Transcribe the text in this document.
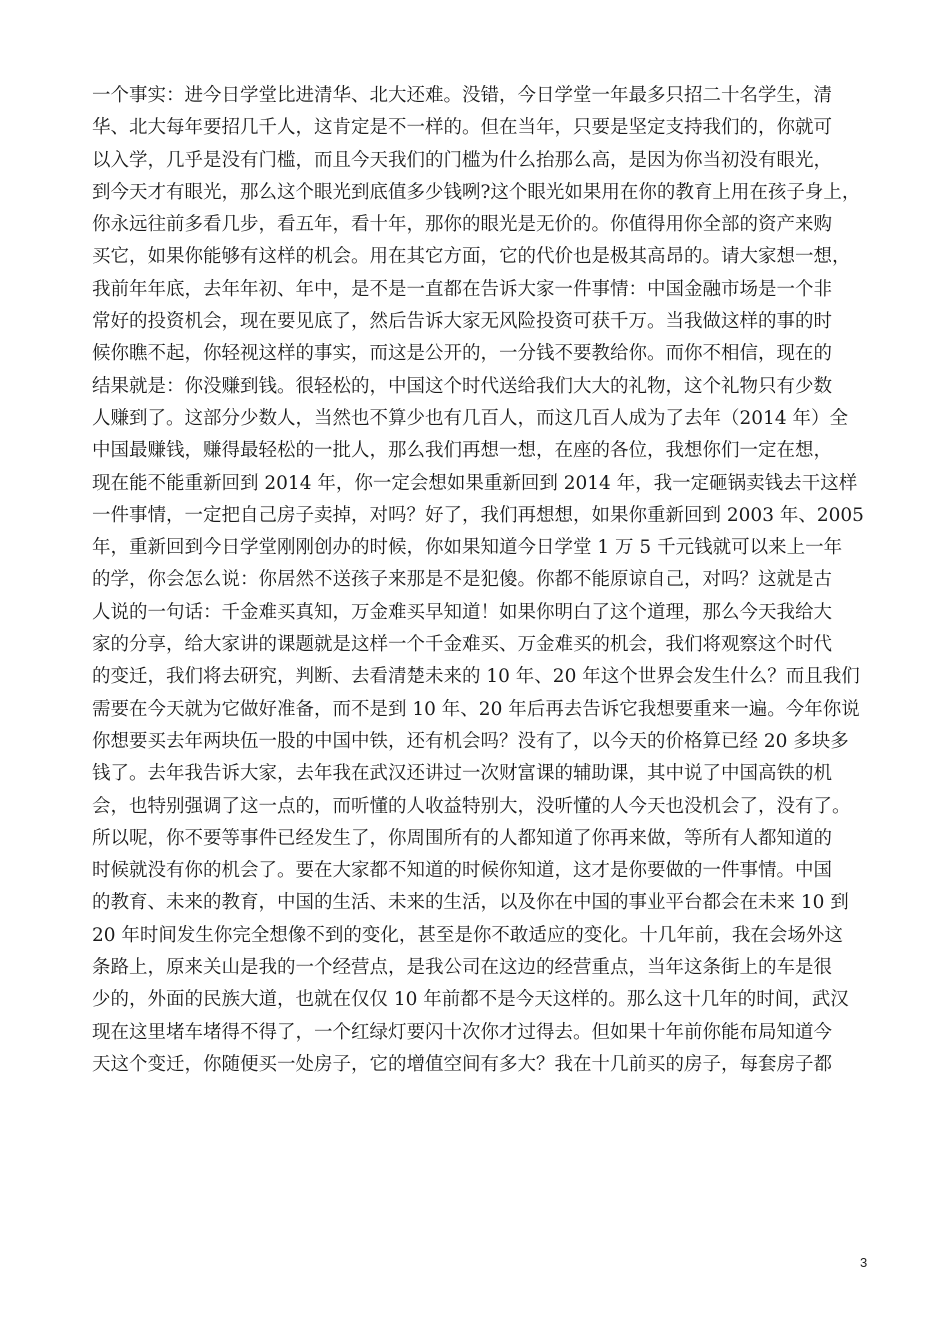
一个事实：进今日学堂比进清华、北大还难。没错，今日学堂一年最多只招二十名学生，清
华、北大每年要招几千人，这肯定是不一样的。但在当年，只要是坚定支持我们的，你就可
以入学，几乎是没有门槛，而且今天我们的门槛为什么抬那么高，是因为你当初没有眼光，
到今天才有眼光，那么这个眼光到底值多少钱咧?这个眼光如果用在你的教育上用在孩子身上，
你永远往前多看几步，看五年，看十年，那你的眼光是无价的。你值得用你全部的资产来购
买它，如果你能够有这样的机会。用在其它方面，它的代价也是极其高昂的。请大家想一想，
我前年年底，去年年初、年中，是不是一直都在告诉大家一件事情：中国金融市场是一个非
常好的投资机会，现在要见底了，然后告诉大家无风险投资可获千万。当我做这样的事的时
候你瞧不起，你轻视这样的事实，而这是公开的，一分钱不要教给你。而你不相信，现在的
结果就是：你没赚到钱。很轻松的，中国这个时代送给我们大大的礼物，这个礼物只有少数
人赚到了。这部分少数人，当然也不算少也有几百人，而这几百人成为了去年（2014 年）全
中国最赚钱，赚得最轻松的一批人，那么我们再想一想，在座的各位，我想你们一定在想，
现在能不能重新回到 2014 年，你一定会想如果重新回到 2014 年，我一定砸锅卖钱去干这样
一件事情，一定把自己房子卖掉，对吗？好了，我们再想想，如果你重新回到 2003 年、2005
年，重新回到今日学堂刚刚创办的时候，你如果知道今日学堂 1 万 5 千元钱就可以来上一年
的学，你会怎么说：你居然不送孩子来那是不是犯傻。你都不能原谅自己，对吗？这就是古
人说的一句话：千金难买真知，万金难买早知道！如果你明白了这个道理，那么今天我给大
家的分享，给大家讲的课题就是这样一个千金难买、万金难买的机会，我们将观察这个时代
的变迁，我们将去研究，判断、去看清楚未来的 10 年、20 年这个世界会发生什么？而且我们
需要在今天就为它做好准备，而不是到 10 年、20 年后再去告诉它我想要重来一遍。今年你说
你想要买去年两块伍一股的中国中铁，还有机会吗？没有了，以今天的价格算已经 20 多块多
钱了。去年我告诉大家，去年我在武汉还讲过一次财富课的辅助课，其中说了中国高铁的机
会，也特别强调了这一点的，而听懂的人收益特别大，没听懂的人今天也没机会了，没有了。
所以呢，你不要等事件已经发生了，你周围所有的人都知道了你再来做，等所有人都知道的
时候就没有你的机会了。要在大家都不知道的时候你知道，这才是你要做的一件事情。中国
的教育、未来的教育，中国的生活、未来的生活，以及你在中国的事业平台都会在未来 10 到
20 年时间发生你完全想像不到的变化，甚至是你不敢适应的变化。十几年前，我在会场外这
条路上，原来关山是我的一个经营点，是我公司在这边的经营重点，当年这条街上的车是很
少的，外面的民族大道，也就在仅仅 10 年前都不是今天这样的。那么这十几年的时间，武汉
现在这里堵车堵得不得了，一个红绿灯要闪十次你才过得去。但如果十年前你能布局知道今
天这个变迁，你随便买一处房子，它的增值空间有多大？我在十几前买的房子，每套房子都
3
